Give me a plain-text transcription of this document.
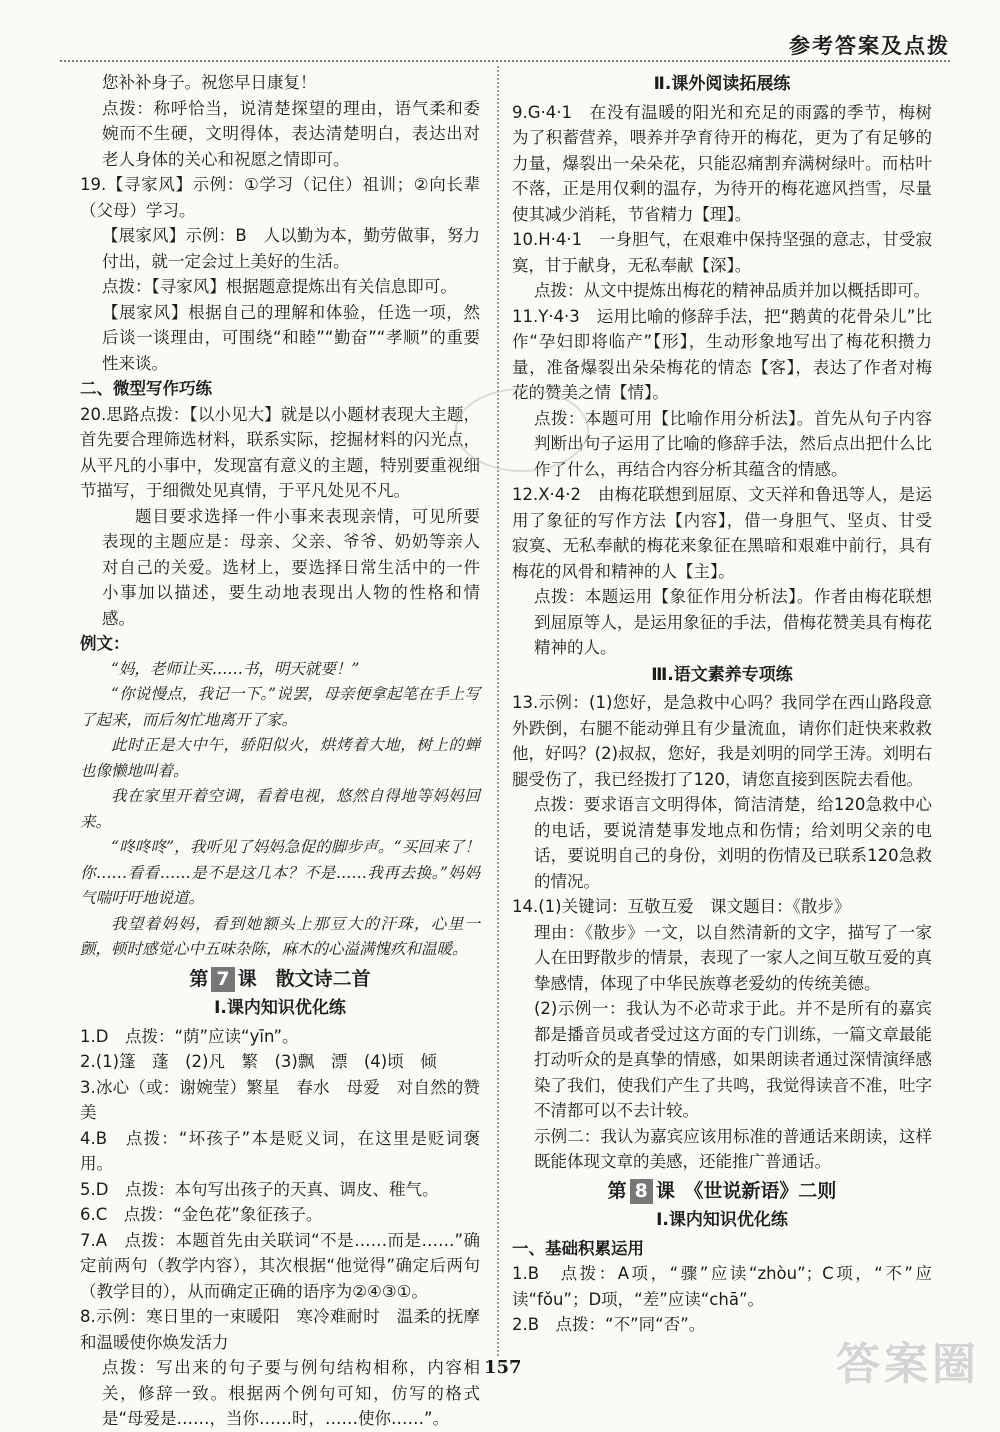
参考答案及点拨

您补补身子。祝您早日康复！

点拨：称呼恰当，说清楚探望的理由，语气柔和委婉而不生硬，文明得体，表达清楚明白，表达出对老人身体的关心和祝愿之情即可。

19.【寻家风】示例：①学习（记住）祖训；②向长辈（父母）学习。

【展家风】示例：B　人以勤为本，勤劳做事，努力付出，就一定会过上美好的生活。

点拨：【寻家风】根据题意提炼出有关信息即可。

【展家风】根据自己的理解和体验，任选一项，然后谈一谈理由，可围绕“和睦”“勤奋”“孝顺”的重要性来谈。

二、微型写作巧练

20.思路点拨：【以小见大】就是以小题材表现大主题，首先要合理筛选材料，联系实际，挖掘材料的闪光点，从平凡的小事中，发现富有意义的主题，特别要重视细节描写，于细微处见真情，于平凡处见不凡。

题目要求选择一件小事来表现亲情，可见所要表现的主题应是：母亲、父亲、爷爷、奶奶等亲人对自己的关爱。选材上，要选择日常生活中的一件小事加以描述，要生动地表现出人物的性格和情感。

例文：

“妈，老师让买……书，明天就要！”

“你说慢点，我记一下。”说罢，母亲便拿起笔在手上写了起来，而后匆忙地离开了家。

此时正是大中午，骄阳似火，烘烤着大地，树上的蝉也像懒地叫着。

我在家里开着空调，看着电视，悠然自得地等妈妈回来。

“咚咚咚”，我听见了妈妈急促的脚步声。“买回来了！你……看看……是不是这几本？不是……我再去换。”妈妈气喘吁吁地说道。

我望着妈妈，看到她额头上那豆大的汗珠，心里一颤，顿时感觉心中五味杂陈，麻木的心溢满愧疚和温暖。

第 7 课　散文诗二首

Ⅰ.课内知识优化练

1.D　点拨：“荫”应读“yīn”。

2.(1)篷　蓬　(2)凡　繁　(3)飘　漂　(4)顷　倾

3.冰心（或：谢婉莹）繁星　春水　母爱　对自然的赞美

4.B　点拨：“坏孩子”本是贬义词，在这里是贬词褒用。

5.D　点拨：本句写出孩子的天真、调皮、稚气。

6.C　点拨：“金色花”象征孩子。

7.A　点拨：本题首先由关联词“不是……而是……”确定前两句（教学内容），其次根据“他觉得”确定后两句（教学目的），从而确定正确的语序为②④③①。

8.示例：寒日里的一束暖阳　寒冷难耐时　温柔的抚摩和温暖使你焕发活力

点拨：写出来的句子要与例句结构相称，内容相关，修辞一致。根据两个例句可知，仿写的格式是“母爱是……，当你……时，……使你……”。

Ⅱ.课外阅读拓展练

9.G·4·1　在没有温暖的阳光和充足的雨露的季节，梅树为了积蓄营养，喂养并孕育待开的梅花，更为了有足够的力量，爆裂出一朵朵花，只能忍痛割弃满树绿叶。而枯叶不落，正是用仅剩的温存，为待开的梅花遮风挡雪，尽量使其减少消耗，节省精力【理】。

10.H·4·1　一身胆气，在艰难中保持坚强的意志，甘受寂寞，甘于献身，无私奉献【深】。

点拨：从文中提炼出梅花的精神品质并加以概括即可。

11.Y·4·3　运用比喻的修辞手法，把“鹅黄的花骨朵儿”比作“孕妇即将临产”【形】，生动形象地写出了梅花积攒力量，准备爆裂出朵朵梅花的情态【客】，表达了作者对梅花的赞美之情【情】。

点拨：本题可用【比喻作用分析法】。首先从句子内容判断出句子运用了比喻的修辞手法，然后点出把什么比作了什么，再结合内容分析其蕴含的情感。

12.X·4·2　由梅花联想到屈原、文天祥和鲁迅等人，是运用了象征的写作方法【内容】，借一身胆气、坚贞、甘受寂寞、无私奉献的梅花来象征在黑暗和艰难中前行，具有梅花的风骨和精神的人【主】。

点拨：本题运用【象征作用分析法】。作者由梅花联想到屈原等人，是运用象征的手法，借梅花赞美具有梅花精神的人。

Ⅲ.语文素养专项练

13.示例：(1)您好，是急救中心吗？我同学在西山路段意外跌倒，右腿不能动弹且有少量流血，请你们赶快来救救他，好吗？(2)叔叔，您好，我是刘明的同学王涛。刘明右腿受伤了，我已经拨打了120，请您直接到医院去看他。

点拨：要求语言文明得体，简洁清楚，给120急救中心的电话，要说清楚事发地点和伤情；给刘明父亲的电话，要说明自己的身份，刘明的伤情及已联系120急救的情况。

14.(1)关键词：互敬互爱　课文题目：《散步》

理由：《散步》一文，以自然清新的文字，描写了一家人在田野散步的情景，表现了一家人之间互敬互爱的真挚感情，体现了中华民族尊老爱幼的传统美德。

(2)示例一：我认为不必苛求于此。并不是所有的嘉宾都是播音员或者受过这方面的专门训练，一篇文章最能打动听众的是真挚的情感，如果朗读者通过深情演绎感染了我们，使我们产生了共鸣，我觉得读音不准，吐字不清都可以不去计较。

示例二：我认为嘉宾应该用标准的普通话来朗读，这样既能体现文章的美感，还能推广普通话。

第 8 课　《世说新语》二则

Ⅰ.课内知识优化练

一、基础积累运用

1.B　点拨：A项，“骤”应读“zhòu”；C项，“不”应读“fǒu”；D项，“差”应读“chā”。

2.B　点拨：“不”同“否”。

157	答案圈
